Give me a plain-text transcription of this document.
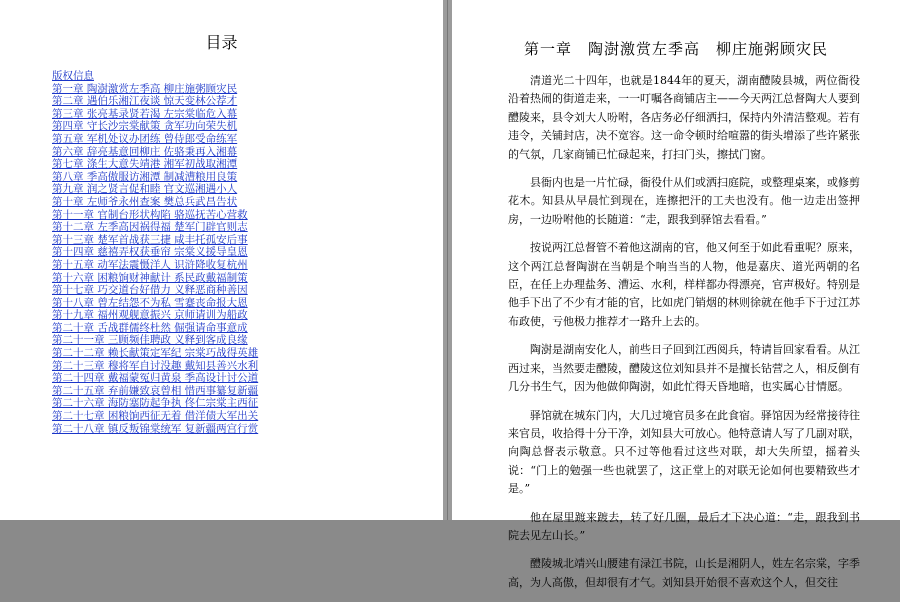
目录
版权信息
第一章 陶澍激赏左季高 柳庄施粥顾灾民
第二章 遇伯乐湘江夜谈 惊天变林公荐才
第三章 张亮基录贤若渴 左宗棠临危入幕
第四章 守长沙宗棠献策 贪军功向荣失机
第五章 军机处议办团练 曾侍郎受命练军
第六章 辞亮基意回柳庄 佐骆秉再入湘幕
第七章 涤生大意失靖港 湘军初战取湘潭
第八章 季高傲服访湘潭 制减漕粮用良策
第九章 润之贤言促和睦 官文巡湘遇小人
第十章 左师爷永州查案 樊总兵武昌告状
第十一章 官制台形状构陷 骆巡抚苦心营救
第十二章 左季高因祸得福 楚军门辟官则志
第十三章 楚军首战获三捷 咸丰托孤安后事
第十四章 慈禧弄权获垂帘 宗棠义援导皇恩
第十五章 动军法震慑洋人 识浒降收复杭州
第十六章 困粮饷财神献计 系民政戴福制策
第十七章 巧交道台好借力 义释恶商种善因
第十八章 曾左结怨不为私 雪蹇丧命报大恩
第十九章 福州观舰意振兴 京师请训为船政
第二十章 舌战群儒终杜然 倔强请命事意成
第二十一章 三顾频佳聘政 义释到客成良缘
第二十二章 赖长献策定军纪 宗棠巧战得英雄
第二十三章 穆将军自讨没趣 戴知县善兴水利
第二十四章 戴福蒙冤归黄泉 季高设计讨公道
第二十五章 弃前嫌致哀曾相 惜西事纂复新疆
第二十六章 海防塞防起争执 佟仁宗棠主西征
第二十七章 困粮饷西征无着 借洋债大军出关
第二十八章 镇反叛锦棠统军 复新疆两宫行赏
第一章　陶澍激赏左季高　柳庄施粥顾灾民

清道光二十四年，也就是1844年的夏天，湖南醴陵县城，两位衙役沿着热闹的街道走来，一一叮嘱各商铺店主——今天两江总督陶大人要到醴陵来，县令刘大人吩咐，各店务必仔细洒扫，保持内外清洁整观。若有违令，关铺封店，决不宽容。这一命令顿时给喧嚣的街头增添了些许紧张的气氛，几家商铺已忙碌起来，打扫门头，擦拭门窗。

县衙内也是一片忙碌，衙役什从们或洒扫庭院，或整理桌案，或修剪花木。知县从早晨忙到现在，连擦把汗的工夫也没有。他一边走出签押房，一边吩咐他的长随道：“走，跟我到驿馆去看看。”

按说两江总督管不着他这湖南的官，他又何至于如此看重呢？原来，这个两江总督陶澍在当朝是个响当当的人物，他是嘉庆、道光两朝的名臣，在任上办理盐务、漕运、水利，样样都办得漂亮，官声极好。特别是他手下出了不少有才能的官，比如虎门销烟的林则徐就在他手下于过江苏布政使，亏他极力推荐才一路升上去的。

陶澍是湖南安化人，前些日子回到江西阅兵，特请旨回家看看。从江西过来，当然要走醴陵，醴陵这位刘知县并不是擅长钻营之人，相反倒有几分书生气，因为他做仰陶澍，如此忙得天昏地暗，也实属心甘情愿。

驿馆就在城东门内，大几过境官员多在此食宿。驿馆因为经常接待往来官员，收拾得十分干净，刘知县大可放心。他特意请人写了几副对联，向陶总督表示敬意。只不过等他看过这些对联，却大失所望，摇着头说：“门上的勉强一些也就罢了，这正堂上的对联无论如何也要精致些才是。”

他在屋里踱来踱去，转了好几圈，最后才下决心道：“走，跟我到书院去见左山长。”

醴陵城北靖兴山腰建有渌江书院，山长是湘阴人，姓左名宗棠，字季高，为人高傲，但却很有才气。刘知县开始很不喜欢这个人，但交往
